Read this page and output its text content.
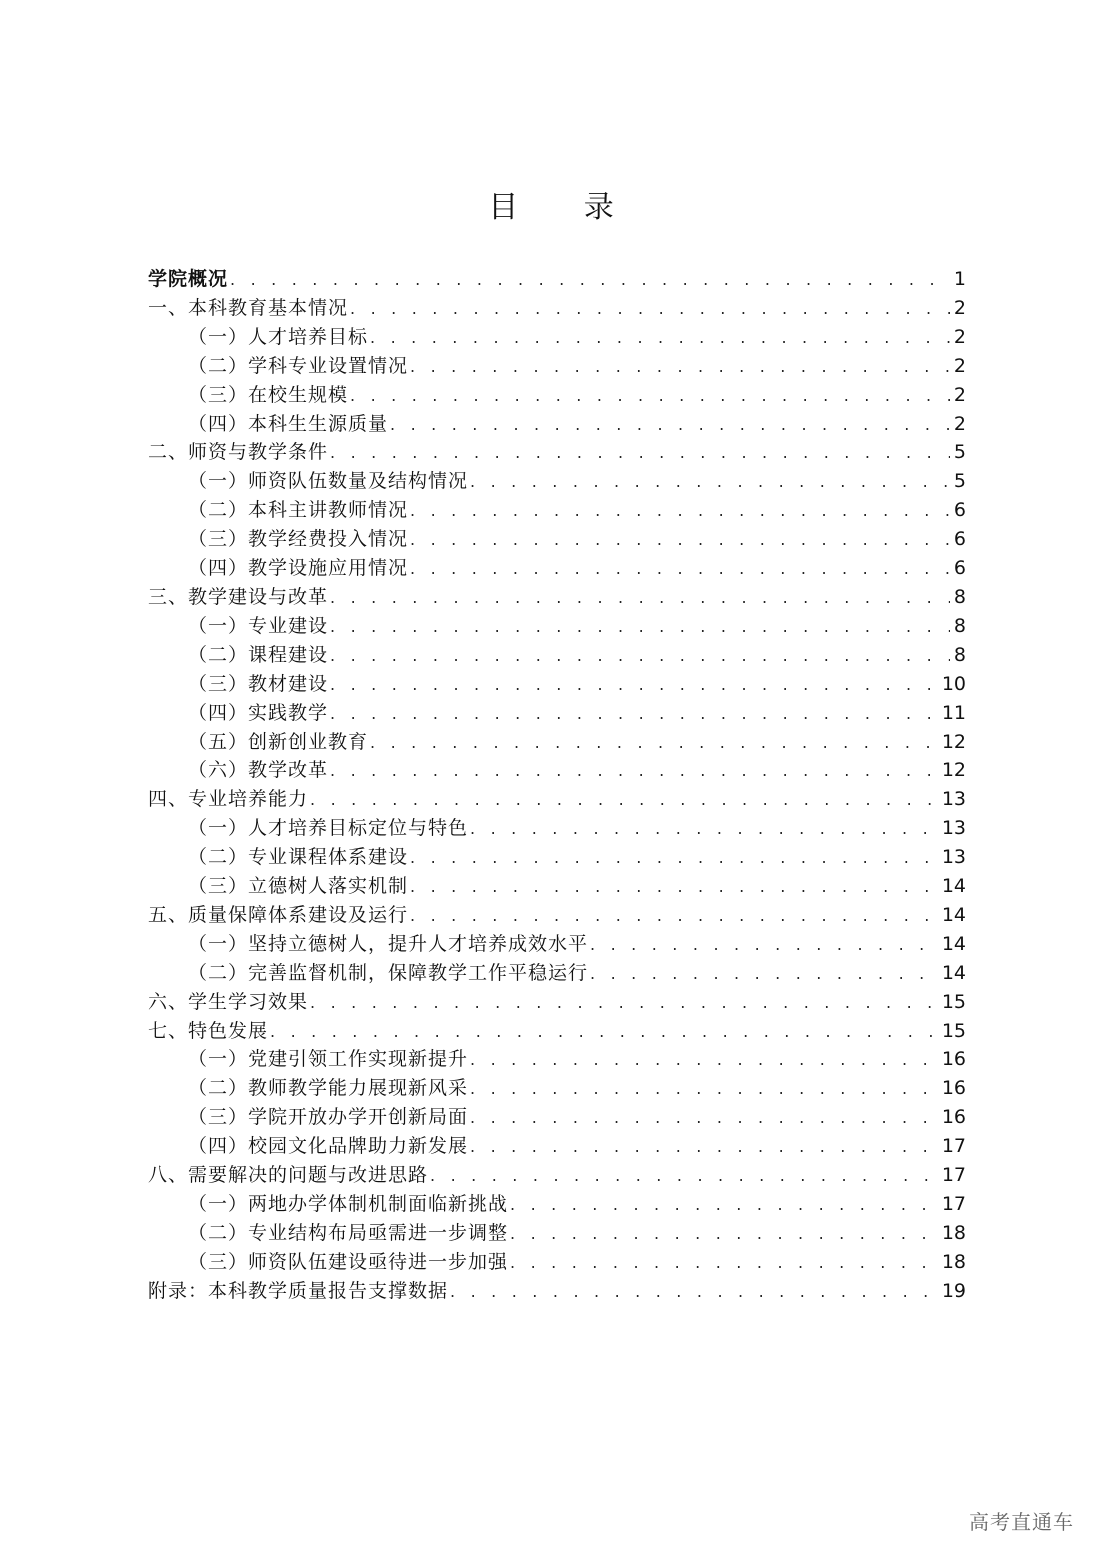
目 录
学院概况 . . .	1
一、本科教育基本情况 . . .	2
（一）人才培养目标 . . .	2
（二）学科专业设置情况 . . .	2
（三）在校生规模 . . .	2
（四）本科生生源质量 . . .	2
二、师资与教学条件 . . .	5
（一）师资队伍数量及结构情况 . . .	5
（二）本科主讲教师情况 . . .	6
（三）教学经费投入情况 . . .	6
（四）教学设施应用情况 . . .	6
三、教学建设与改革 . . .	8
（一）专业建设 . . .	8
（二）课程建设 . . .	8
（三）教材建设 . . .	10
（四）实践教学 . . .	11
（五）创新创业教育 . . .	12
（六）教学改革 . . .	12
四、专业培养能力 . . .	13
（一）人才培养目标定位与特色 . . .	13
（二）专业课程体系建设 . . .	13
（三）立德树人落实机制 . . .	14
五、质量保障体系建设及运行 . . .	14
（一）坚持立德树人，提升人才培养成效水平 . . .	14
（二）完善监督机制，保障教学工作平稳运行 . . .	14
六、学生学习效果 . . .	15
七、特色发展 . . .	15
（一）党建引领工作实现新提升 . . .	16
（二）教师教学能力展现新风采 . . .	16
（三）学院开放办学开创新局面 . . .	16
（四）校园文化品牌助力新发展 . . .	17
八、需要解决的问题与改进思路 . . .	17
（一）两地办学体制机制面临新挑战 . . .	17
（二）专业结构布局亟需进一步调整 . . .	18
（三）师资队伍建设亟待进一步加强 . . .	18
附录：本科教学质量报告支撑数据 . . .	19
高考直通车
